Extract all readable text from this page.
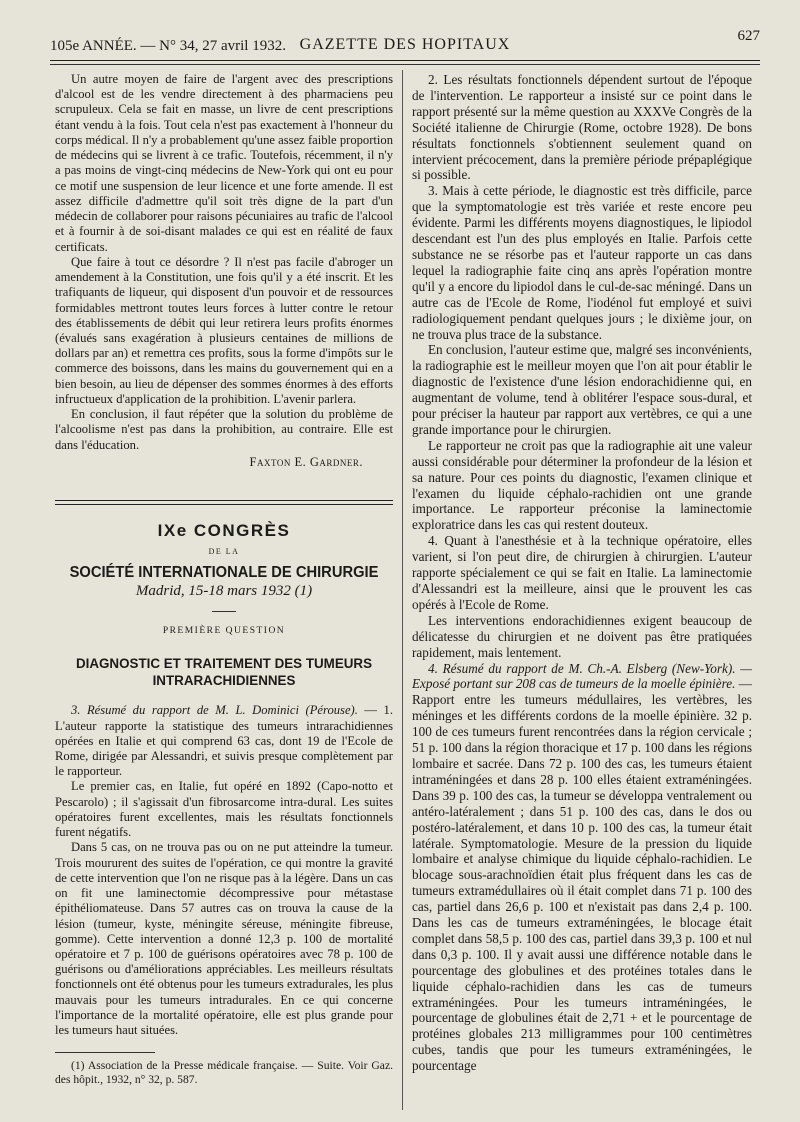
105e ANNÉE. — N° 34, 27 avril 1932. GAZETTE DES HOPITAUX	627

Un autre moyen de faire de l'argent avec des prescriptions d'alcool est de les vendre directement à des pharmaciens peu scrupuleux. Cela se fait en masse, un livre de cent prescriptions étant vendu à la fois. Tout cela n'est pas exactement à l'honneur du corps médical. Il n'y a probablement qu'une assez faible proportion de médecins qui se livrent à ce trafic. Toutefois, récemment, il n'y a pas moins de vingt-cinq médecins de New-York qui ont eu pour ce motif une suspension de leur licence et une forte amende. Il est assez difficile d'admettre qu'il soit très digne de la part d'un médecin de collaborer pour raisons pécuniaires au trafic de l'alcool et à fournir à de soi-disant malades ce qui est en réalité de faux certificats.

Que faire à tout ce désordre ? Il n'est pas facile d'abroger un amendement à la Constitution, une fois qu'il y a été inscrit. Et les trafiquants de liqueur, qui disposent d'un pouvoir et de ressources formidables mettront toutes leurs forces à lutter contre le retour des établissements de débit qui leur retirera leurs profits énormes (évalués sans exagération à plusieurs centaines de millions de dollars par an) et remettra ces profits, sous la forme d'impôts sur le commerce des boissons, dans les mains du gouvernement qui en a bien besoin, au lieu de dépenser des sommes énormes à des efforts infructueux d'application de la prohibition. L'avenir parlera.

En conclusion, il faut répéter que la solution du problème de l'alcoolisme n'est pas dans la prohibition, au contraire. Elle est dans l'éducation.

Faxton E. Gardner.
IXe CONGRÈS
DE LA
SOCIÉTÉ INTERNATIONALE DE CHIRURGIE
Madrid, 15-18 mars 1932 (1)
PREMIÈRE QUESTION
DIAGNOSTIC ET TRAITEMENT DES TUMEURS
INTRARACHIDIENNES

3. Résumé du rapport de M. L. Dominici (Pérouse). — 1. L'auteur rapporte la statistique des tumeurs intrarachidiennes opérées en Italie et qui comprend 63 cas, dont 19 de l'Ecole de Rome, dirigée par Alessandri, et suivis presque complètement par le rapporteur.

Le premier cas, en Italie, fut opéré en 1892 (Capo-notto et Pescarolo) ; il s'agissait d'un fibrosarcome intra-dural. Les suites opératoires furent excellentes, mais les résultats fonctionnels furent négatifs.

Dans 5 cas, on ne trouva pas ou on ne put atteindre la tumeur. Trois moururent des suites de l'opération, ce qui montre la gravité de cette intervention que l'on ne risque pas à la légère. Dans un cas on fit une laminectomie décompressive pour métastase épithéliomateuse. Dans 57 autres cas on trouva la cause de la lésion (tumeur, kyste, méningite séreuse, méningite fibreuse, gomme). Cette intervention a donné 12,3 p. 100 de mortalité opératoire et 7 p. 100 de guérisons opératoires avec 78 p. 100 de guérisons ou d'améliorations appréciables. Les meilleurs résultats fonctionnels ont été obtenus pour les tumeurs extradurales, les plus mauvais pour les tumeurs intradurales. En ce qui concerne l'importance de la mortalité opératoire, elle est plus grande pour les tumeurs haut situées.

(1) Association de la Presse médicale française. — Suite. Voir Gaz. des hôpit., 1932, n° 32, p. 587.

2. Les résultats fonctionnels dépendent surtout de l'époque de l'intervention. Le rapporteur a insisté sur ce point dans le rapport présenté sur la même question au XXXVe Congrès de la Société italienne de Chirurgie (Rome, octobre 1928). De bons résultats fonctionnels s'obtiennent seulement quand on intervient précocement, dans la première période prépaplégique si possible.

3. Mais à cette période, le diagnostic est très difficile, parce que la symptomatologie est très variée et reste encore peu évidente. Parmi les différents moyens diagnostiques, le lipiodol descendant est l'un des plus employés en Italie. Parfois cette substance ne se résorbe pas et l'auteur rapporte un cas dans lequel la radiographie faite cinq ans après l'opération montre qu'il y a encore du lipiodol dans le cul-de-sac méningé. Dans un autre cas de l'Ecole de Rome, l'iodénol fut employé et suivi radiologiquement pendant quelques jours ; le dixième jour, on ne trouva plus trace de la substance.

En conclusion, l'auteur estime que, malgré ses inconvénients, la radiographie est le meilleur moyen que l'on ait pour établir le diagnostic de l'existence d'une lésion endorachidienne qui, en augmentant de volume, tend à oblitérer l'espace sous-dural, et pour préciser la hauteur par rapport aux vertèbres, ce qui a une grande importance pour le chirurgien.

Le rapporteur ne croit pas que la radiographie ait une valeur aussi considérable pour déterminer la profondeur de la lésion et sa nature. Pour ces points du diagnostic, l'examen clinique et l'examen du liquide céphalo-rachidien ont une grande importance. Le rapporteur préconise la laminectomie exploratrice dans les cas qui restent douteux.

4. Quant à l'anesthésie et à la technique opératoire, elles varient, si l'on peut dire, de chirurgien à chirurgien. L'auteur rapporte spécialement ce qui se fait en Italie. La laminectomie d'Alessandri est la meilleure, ainsi que le prouvent les cas opérés à l'Ecole de Rome.

Les interventions endorachidiennes exigent beaucoup de délicatesse du chirurgien et ne doivent pas être pratiquées rapidement, mais lentement.

4. Résumé du rapport de M. Ch.-A. Elsberg (New-York). — Exposé portant sur 208 cas de tumeurs de la moelle épinière. — Rapport entre les tumeurs médullaires, les vertèbres, les méninges et les différents cordons de la moelle épinière. 32 p. 100 de ces tumeurs furent rencontrées dans la région cervicale ; 51 p. 100 dans la région thoracique et 17 p. 100 dans les régions lombaire et sacrée. Dans 72 p. 100 des cas, les tumeurs étaient intraméningées et dans 28 p. 100 elles étaient extraméningées. Dans 39 p. 100 des cas, la tumeur se développa ventralement ou antéro-latéralement ; dans 51 p. 100 des cas, dans le dos ou postéro-latéralement, et dans 10 p. 100 des cas, la tumeur était latérale. Symptomatologie. Mesure de la pression du liquide lombaire et analyse chimique du liquide céphalo-rachidien. Le blocage sous-arachnoïdien était plus fréquent dans les cas de tumeurs extramédullaires où il était complet dans 71 p. 100 des cas, partiel dans 26,6 p. 100 et n'existait pas dans 2,4 p. 100. Dans les cas de tumeurs extraméningées, le blocage était complet dans 58,5 p. 100 des cas, partiel dans 39,3 p. 100 et nul dans 0,3 p. 100. Il y avait aussi une différence notable dans le pourcentage des globulines et des protéines totales dans le liquide céphalo-rachidien dans les cas de tumeurs extraméningées. Pour les tumeurs intraméningées, le pourcentage de globulines était de 2,71 + et le pourcentage de protéines globales 213 milligrammes pour 100 centimètres cubes, tandis que pour les tumeurs extraméningées, le pourcentage
